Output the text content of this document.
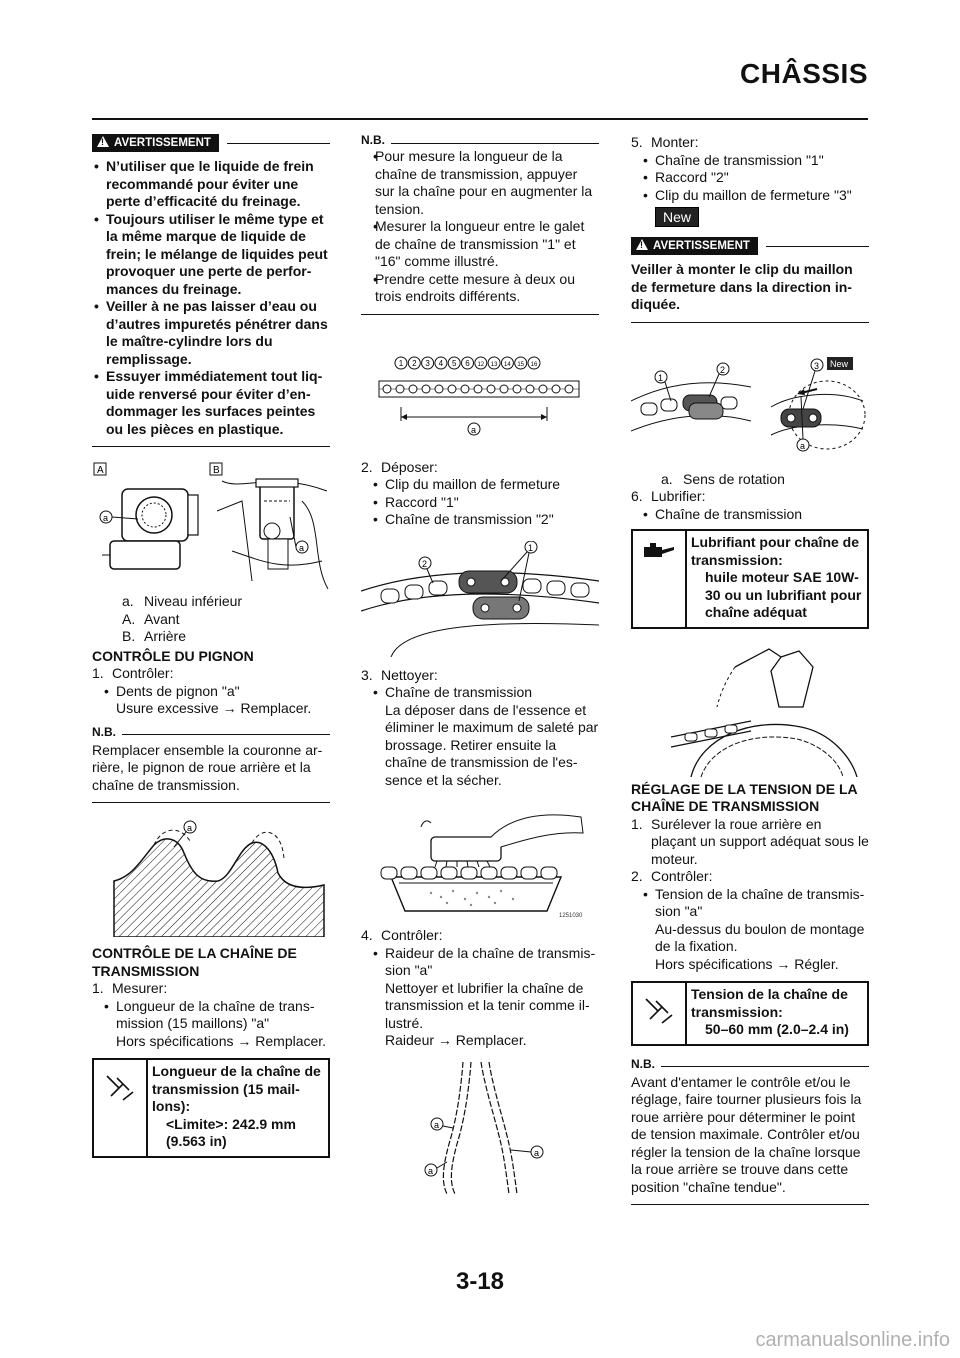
CHÂSSIS
!
AVERTISSEMENT
• N’utiliser que le liquide de frein recommandé pour éviter une perte d’efficacité du freinage.
• Toujours utiliser le même type et la même marque de liquide de frein; le mélange de liquides peut provoquer une perte de perfor-mances du freinage.
• Veiller à ne pas laisser d’eau ou d’autres impuretés pénétrer dans le maître-cylindre lors du remplissage.
• Essuyer immédiatement tout liq-uide renversé pour éviter d’en-dommager les surfaces peintes ou les pièces en plastique.
A	B
a
a
a. Niveau inférieur
A. Avant
B. Arrière
CONTRÔLE DU PIGNON
1. Contrôler:
• Dents de pignon "a"
Usure excessive → Remplacer.
N.B.
Remplacer ensemble la couronne ar-rière, le pignon de roue arrière et la chaîne de transmission.
a
CONTRÔLE DE LA CHAÎNE DE TRANSMISSION
1. Mesurer:
• Longueur de la chaîne de trans-mission (15 maillons) "a"
Hors spécifications → Remplacer.
Longueur de la chaîne de transmission (15 mail-lons):
<Limite>: 242.9 mm (9.563 in)
N.B.
• Pour mesure la longueur de la chaîne de transmission, appuyer sur la chaîne pour en augmenter la tension.
• Mesurer la longueur entre le galet de chaîne de transmission "1" et "16" comme illustré.
• Prendre cette mesure à deux ou trois endroits différents.
1 2 3 4 5 6 12 13 14 15 16
a
2. Déposer:
• Clip du maillon de fermeture
• Raccord "1"
• Chaîne de transmission "2"
1
2
3. Nettoyer:
• Chaîne de transmission
La déposer dans de l'essence et éliminer le maximum de saleté par brossage. Retirer ensuite la chaîne de transmission de l'es-sence et la sécher.
1251030
4. Contrôler:
• Raideur de la chaîne de transmis-sion "a"
Nettoyer et lubrifier la chaîne de transmission et la tenir comme il-lustré.
Raideur → Remplacer.
a
a
a
5. Monter:
• Chaîne de transmission "1"
• Raccord "2"
• Clip du maillon de fermeture "3"
New
!
AVERTISSEMENT
Veiller à monter le clip du maillon de fermeture dans la direction in-diquée.
1
2	3 New
a
a. Sens de rotation
6. Lubrifier:
• Chaîne de transmission
Lubrifiant pour chaîne de transmission:
huile moteur SAE 10W-30 ou un lubrifiant pour chaîne adéquat
RÉGLAGE DE LA TENSION DE LA CHAÎNE DE TRANSMISSION
1. Surélever la roue arrière en plaçant un support adéquat sous le moteur.
2. Contrôler:
• Tension de la chaîne de transmis-sion "a"
Au-dessus du boulon de montage de la fixation.
Hors spécifications → Régler.
Tension de la chaîne de transmission:
50–60 mm (2.0–2.4 in)
N.B.
Avant d'entamer le contrôle et/ou le réglage, faire tourner plusieurs fois la roue arrière pour déterminer le point de tension maximale. Contrôler et/ou régler la tension de la chaîne lorsque la roue arrière se trouve dans cette position "chaîne tendue".
3-18
carmanualsonline.info
